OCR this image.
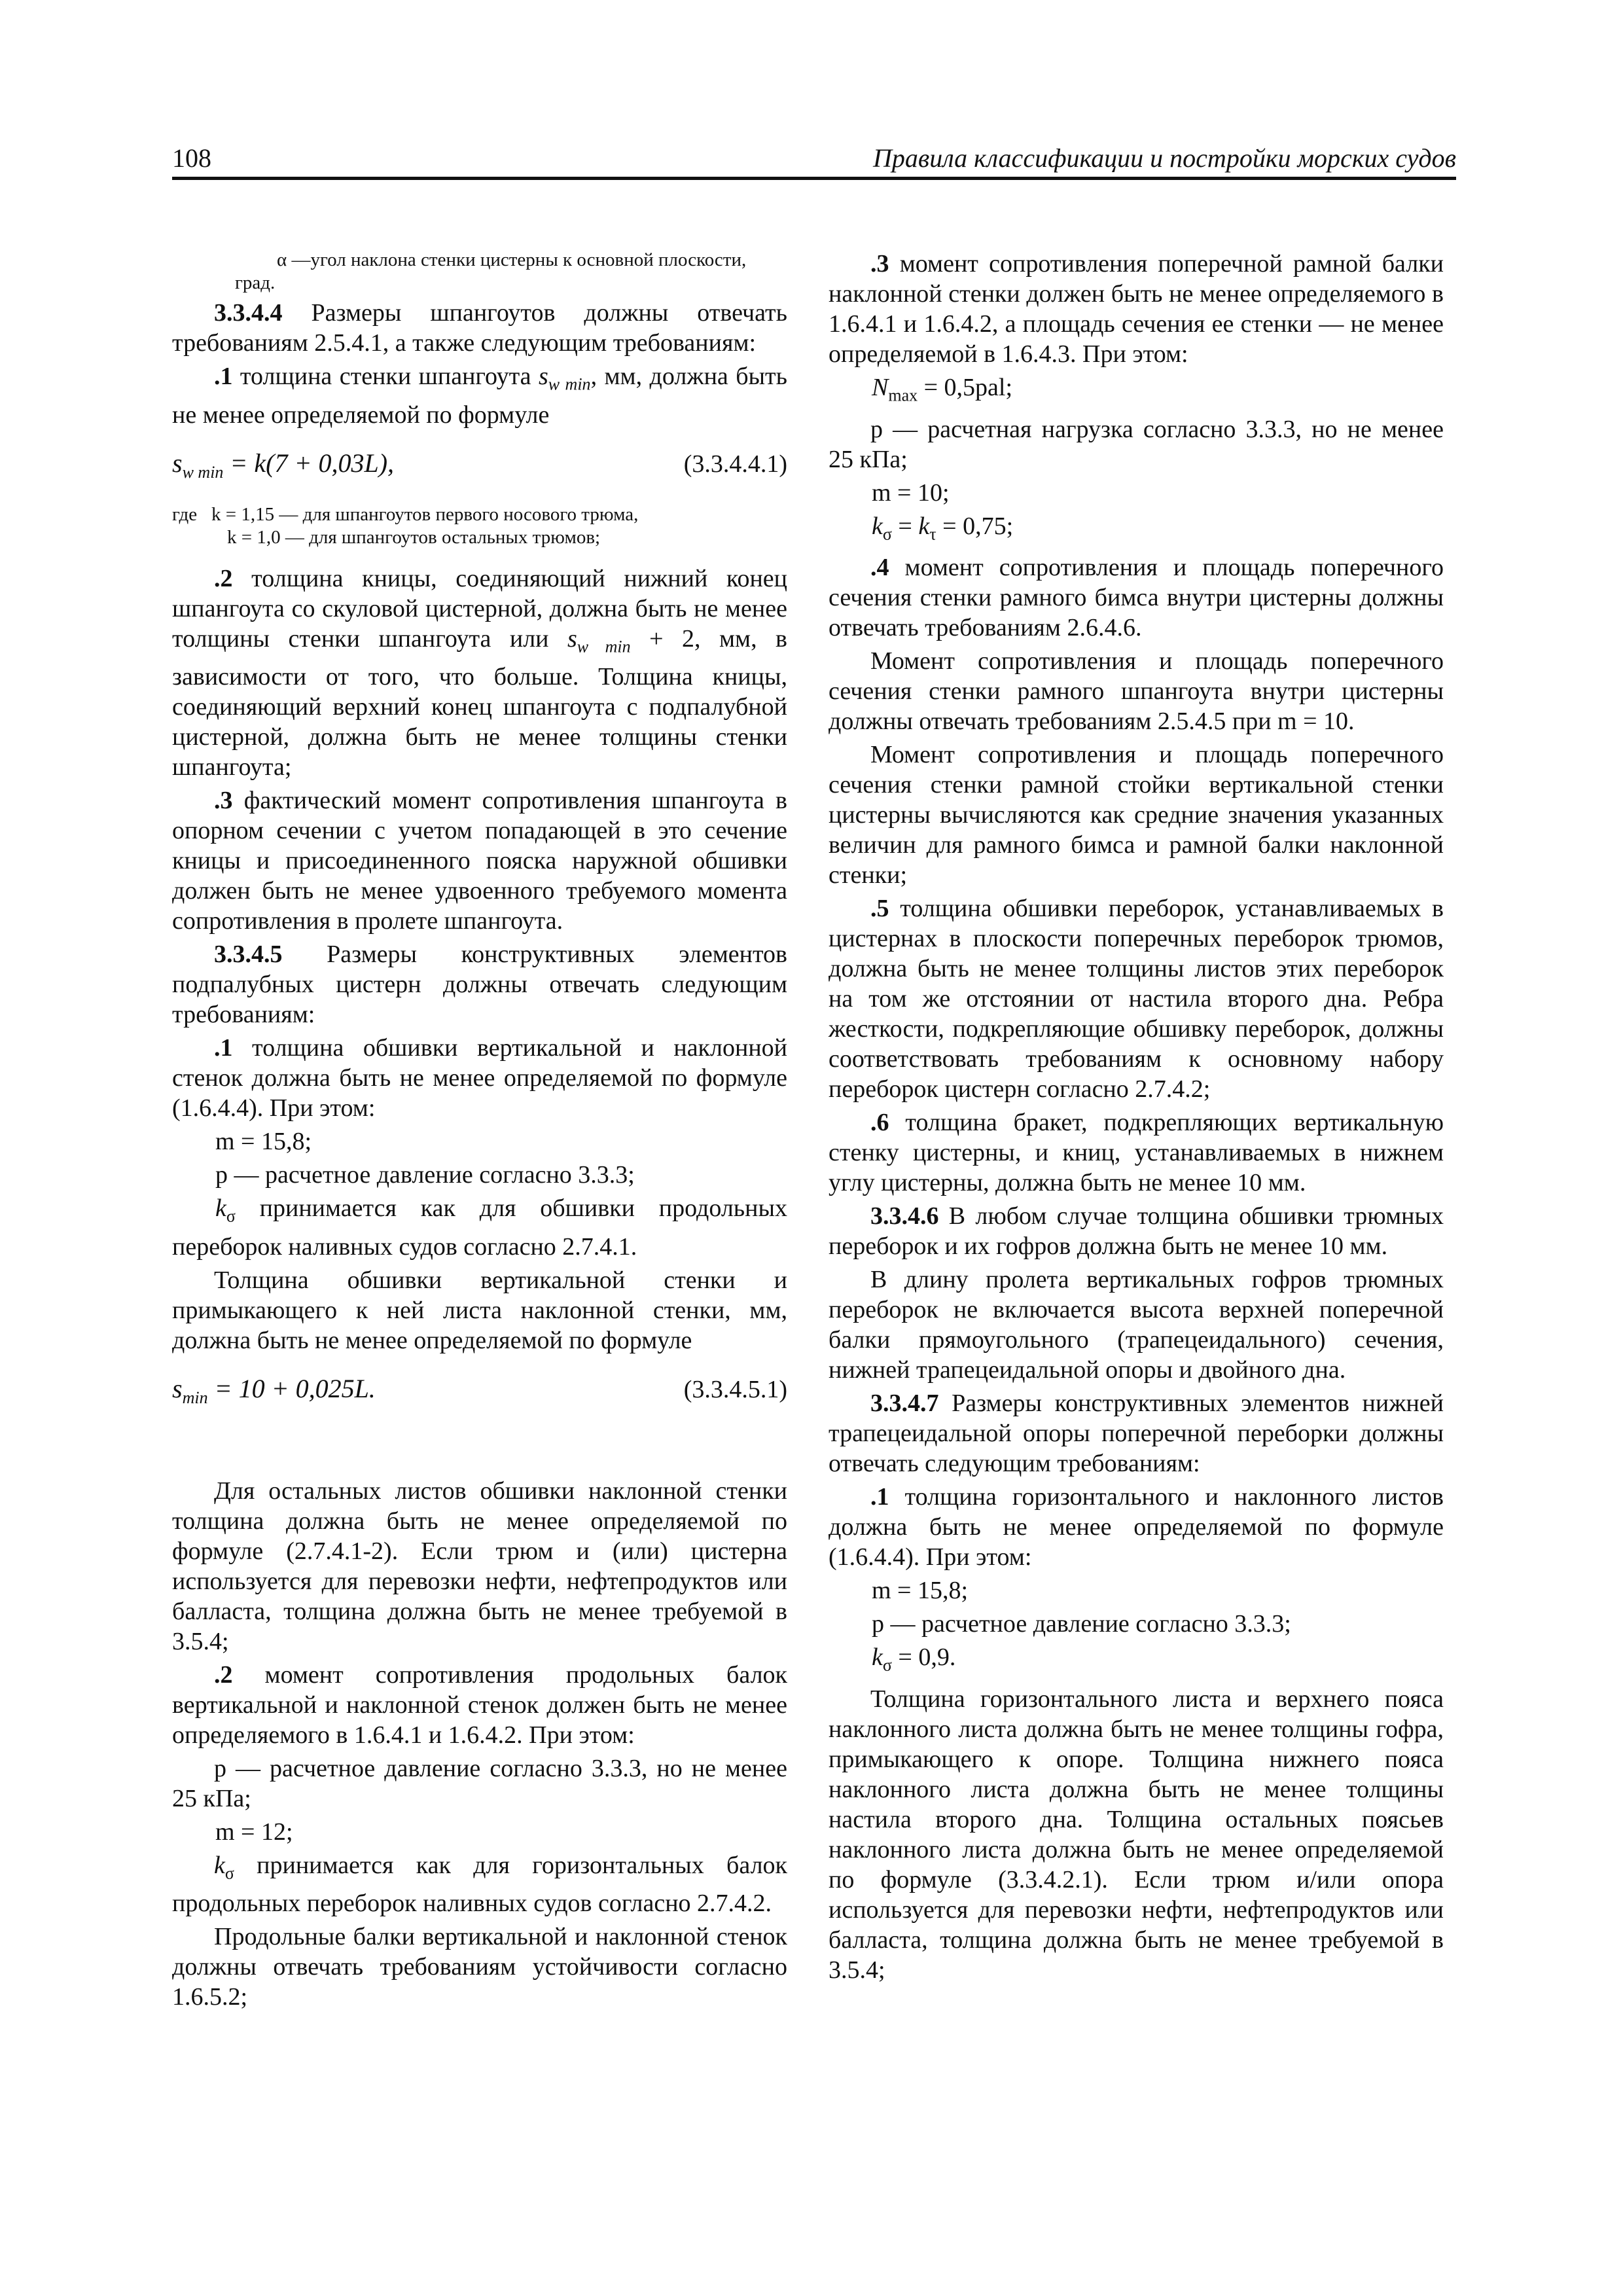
108	Правила классификации и постройки морских судов

α —угол наклона стенки цистерны к основной плоскости, град.

3.3.4.4 Размеры шпангоутов должны отвечать требованиям 2.5.4.1, а также следующим требованиям:

.1 толщина стенки шпангоута $s_{w min}$, мм, должна быть не менее определяемой по формуле

$s_{w min} = k(7 + 0,03L)$,	(3.3.4.4.1)
где k = 1,15 — для шпангоутов первого носового трюма,
k = 1,0 — для шпангоутов остальных трюмов;

.2 толщина кницы, соединяющий нижний конец шпангоута со скуловой цистерной, должна быть не менее толщины стенки шпангоута или $s_{w min} + 2$, мм, в зависимости от того, что больше. Толщина кницы, соединяющий верхний конец шпангоута с подпалубной цистерной, должна быть не менее толщины стенки шпангоута;

.3 фактический момент сопротивления шпангоута в опорном сечении с учетом попадающей в это сечение кницы и присоединенного пояска наружной обшивки должен быть не менее удвоенного требуемого момента сопротивления в пролете шпангоута.

3.3.4.5 Размеры конструктивных элементов подпалубных цистерн должны отвечать следующим требованиям:

.1 толщина обшивки вертикальной и наклонной стенок должна быть не менее определяемой по формуле (1.6.4.4). При этом:

m = 15,8;

p — расчетное давление согласно 3.3.3;

$k_\sigma$ принимается как для обшивки продольных переборок наливных судов согласно 2.7.4.1.

Толщина обшивки вертикальной стенки и примыкающего к ней листа наклонной стенки, мм, должна быть не менее определяемой по формуле

$s_{min} = 10 + 0,025L$.	(3.3.4.5.1)

Для остальных листов обшивки наклонной стенки толщина должна быть не менее определяемой по формуле (2.7.4.1-2). Если трюм и (или) цистерна используется для перевозки нефти, нефтепродуктов или балласта, толщина должна быть не менее требуемой в 3.5.4;

.2 момент сопротивления продольных балок вертикальной и наклонной стенок должен быть не менее определяемого в 1.6.4.1 и 1.6.4.2. При этом:

p — расчетное давление согласно 3.3.3, но не менее 25 кПа;

m = 12;

$k_\sigma$ принимается как для горизонтальных балок продольных переборок наливных судов согласно 2.7.4.2.

Продольные балки вертикальной и наклонной стенок должны отвечать требованиям устойчивости согласно 1.6.5.2;

.3 момент сопротивления поперечной рамной балки наклонной стенки должен быть не менее определяемого в 1.6.4.1 и 1.6.4.2, а площадь сечения ее стенки — не менее определяемой в 1.6.4.3. При этом:

$N_{max} = 0,5pal$;

p — расчетная нагрузка согласно 3.3.3, но не менее 25 кПа;

m = 10;

$k_\sigma = k_\tau = 0,75$;

.4 момент сопротивления и площадь поперечного сечения стенки рамного бимса внутри цистерны должны отвечать требованиям 2.6.4.6.

Момент сопротивления и площадь поперечного сечения стенки рамного шпангоута внутри цистерны должны отвечать требованиям 2.5.4.5 при m = 10.

Момент сопротивления и площадь поперечного сечения стенки рамной стойки вертикальной стенки цистерны вычисляются как средние значения указанных величин для рамного бимса и рамной балки наклонной стенки;

.5 толщина обшивки переборок, устанавливаемых в цистернах в плоскости поперечных переборок трюмов, должна быть не менее толщины листов этих переборок на том же отстоянии от настила второго дна. Ребра жесткости, подкрепляющие обшивку переборок, должны соответствовать требованиям к основному набору переборок цистерн согласно 2.7.4.2;

.6 толщина бракет, подкрепляющих вертикальную стенку цистерны, и книц, устанавливаемых в нижнем углу цистерны, должна быть не менее 10 мм.

3.3.4.6 В любом случае толщина обшивки трюмных переборок и их гофров должна быть не менее 10 мм.

В длину пролета вертикальных гофров трюмных переборок не включается высота верхней поперечной балки прямоугольного (трапецеидального) сечения, нижней трапецеидальной опоры и двойного дна.

3.3.4.7 Размеры конструктивных элементов нижней трапецеидальной опоры поперечной переборки должны отвечать следующим требованиям:

.1 толщина горизонтального и наклонного листов должна быть не менее определяемой по формуле (1.6.4.4). При этом:

m = 15,8;

p — расчетное давление согласно 3.3.3;

$k_\sigma = 0,9$.

Толщина горизонтального листа и верхнего пояса наклонного листа должна быть не менее толщины гофра, примыкающего к опоре. Толщина нижнего пояса наклонного листа должна быть не менее толщины настила второго дна. Толщина остальных поясьев наклонного листа должна быть не менее определяемой по формуле (3.3.4.2.1). Если трюм и/или опора используется для перевозки нефти, нефтепродуктов или балласта, толщина должна быть не менее требуемой в 3.5.4;
